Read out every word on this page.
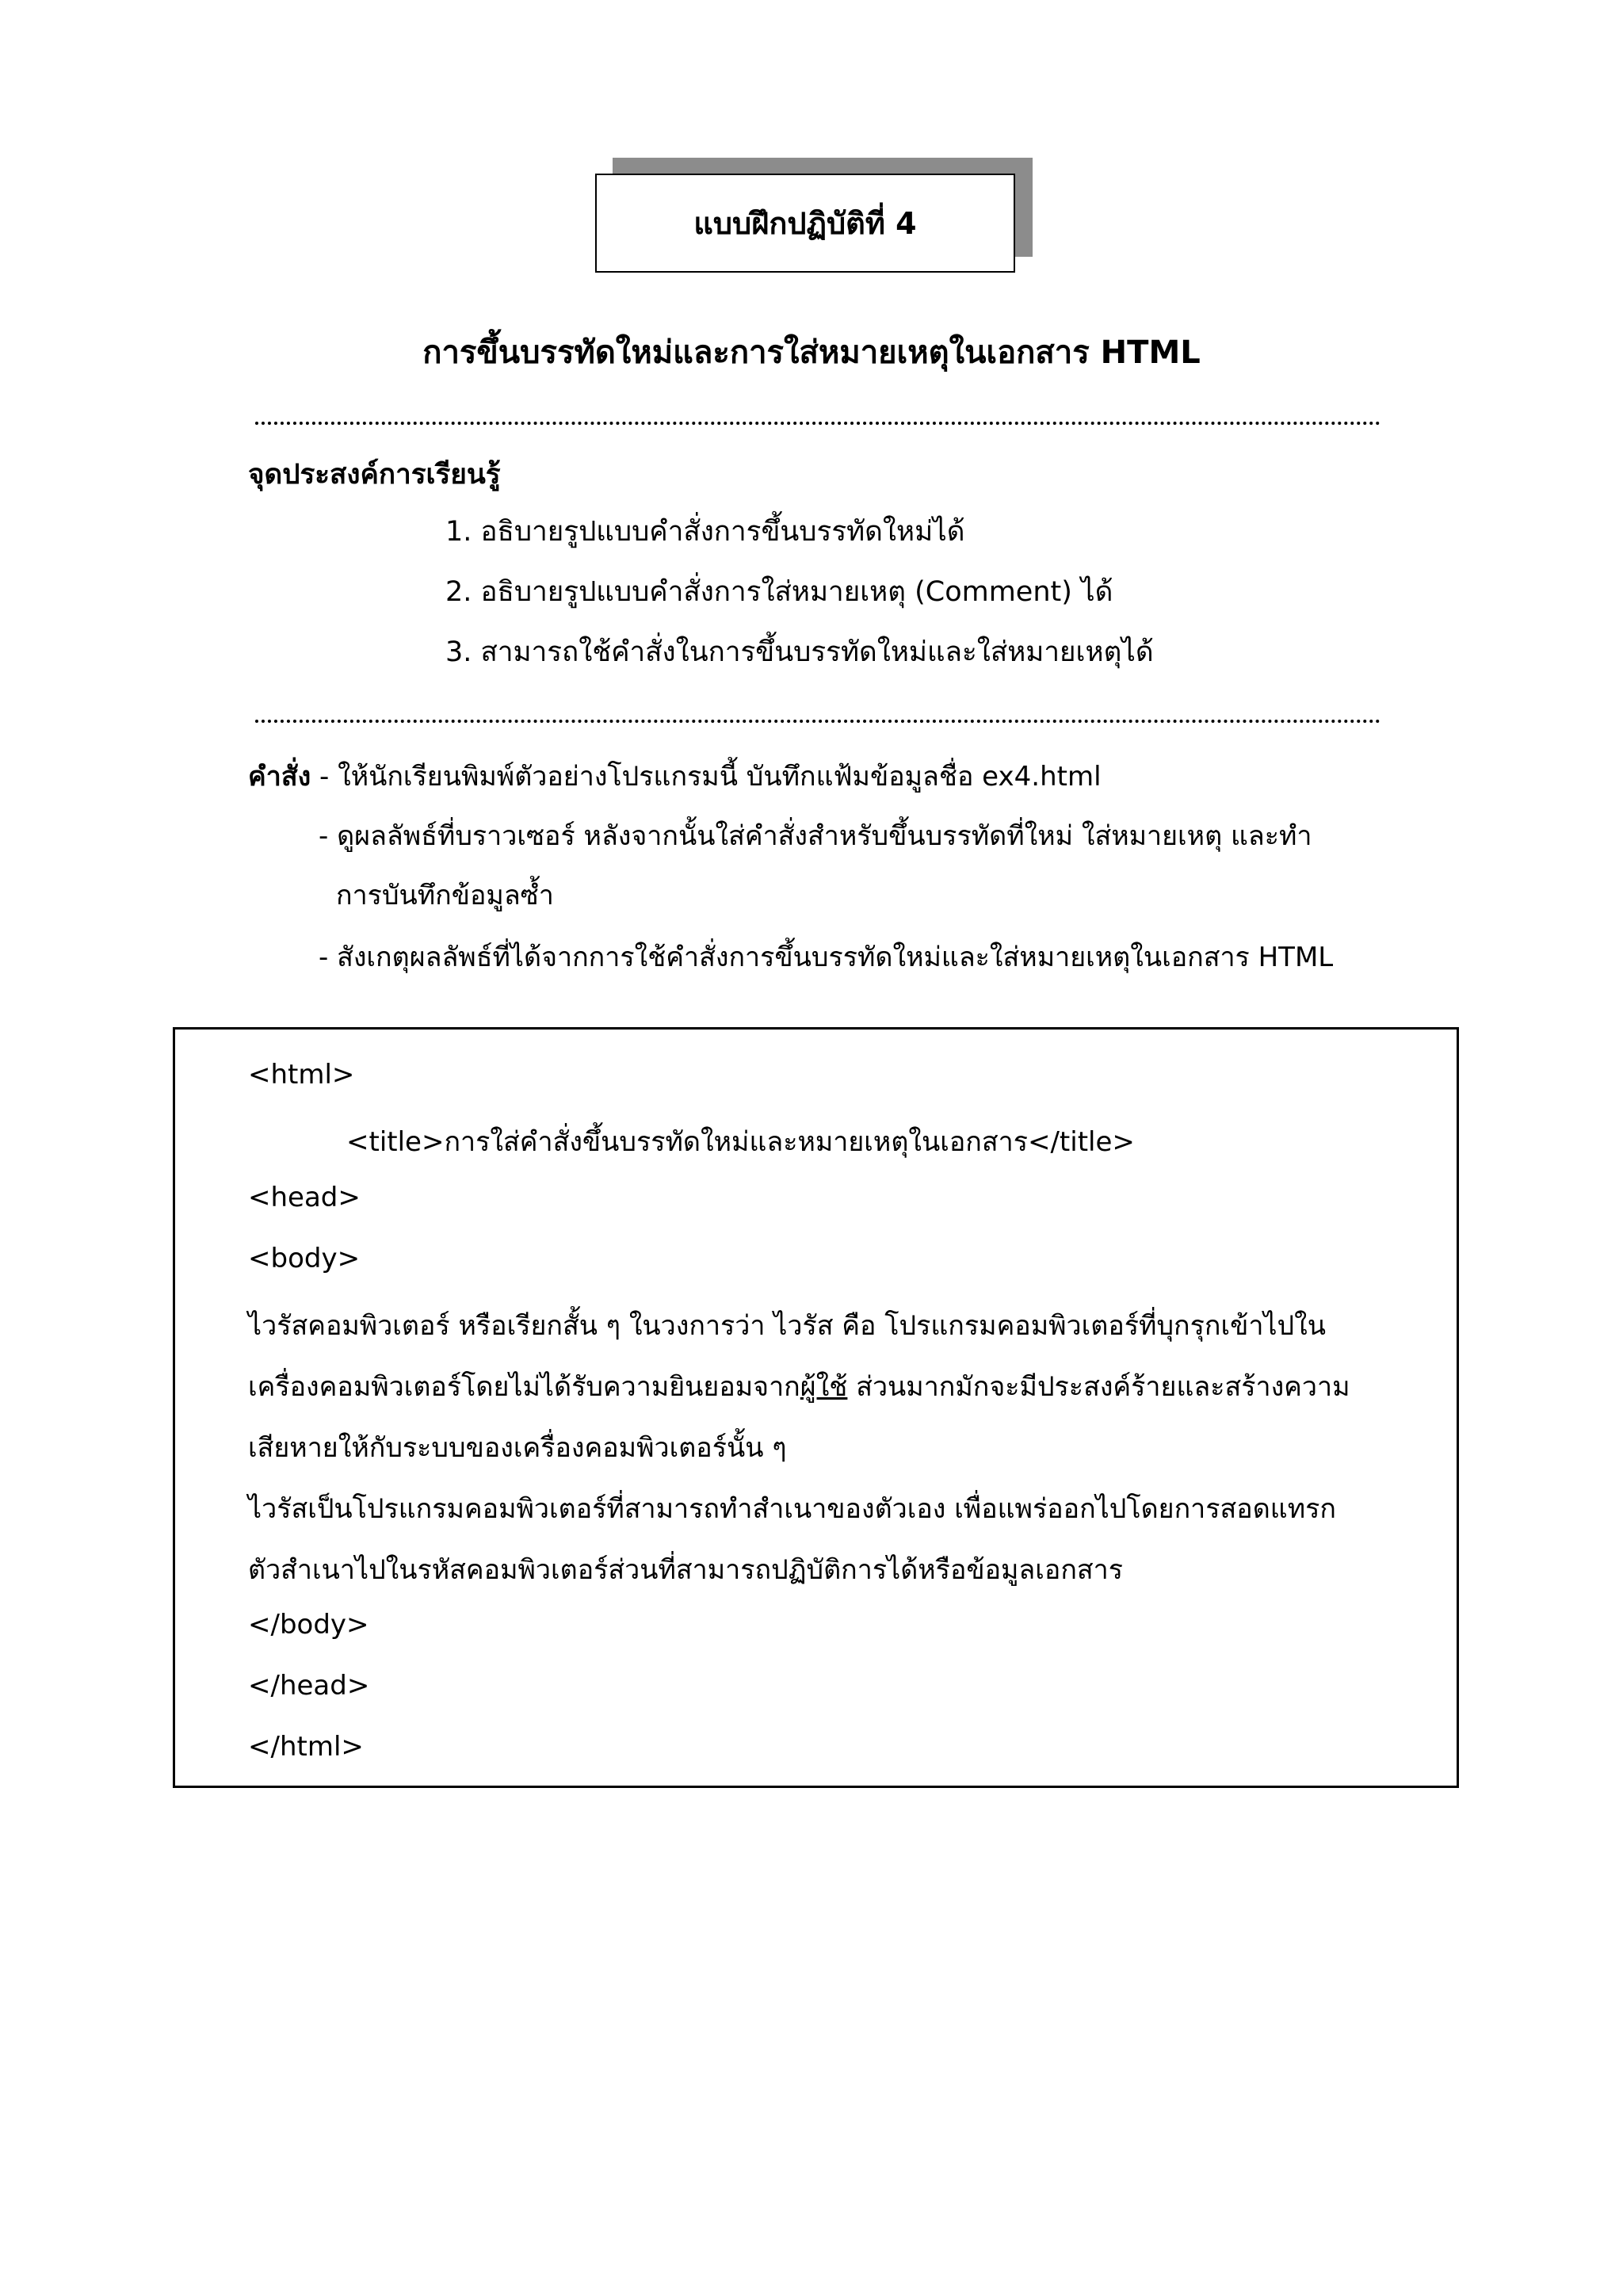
แบบฝึกปฏิบัติที่ 4
การขึ้นบรรทัดใหม่และการใส่หมายเหตุในเอกสาร HTML
จุดประสงค์การเรียนรู้
1. อธิบายรูปแบบคำสั่งการขึ้นบรรทัดใหม่ได้
2. อธิบายรูปแบบคำสั่งการใส่หมายเหตุ (Comment) ได้
3. สามารถใช้คำสั่งในการขึ้นบรรทัดใหม่และใส่หมายเหตุได้
คำสั่ง - ให้นักเรียนพิมพ์ตัวอย่างโปรแกรมนี้ บันทึกแฟ้มข้อมูลชื่อ ex4.html
- ดูผลลัพธ์ที่บราวเซอร์ หลังจากนั้นใส่คำสั่งสำหรับขึ้นบรรทัดที่ใหม่ ใส่หมายเหตุ และทำ
การบันทึกข้อมูลซ้ำ
- สังเกตุผลลัพธ์ที่ได้จากการใช้คำสั่งการขึ้นบรรทัดใหม่และใส่หมายเหตุในเอกสาร HTML
<html>
<title>การใส่คำสั่งขึ้นบรรทัดใหม่และหมายเหตุในเอกสาร</title>
<head>
<body>
ไวรัสคอมพิวเตอร์ หรือเรียกสั้น ๆ ในวงการว่า ไวรัส คือ โปรแกรมคอมพิวเตอร์ที่บุกรุกเข้าไปใน
เครื่องคอมพิวเตอร์โดยไม่ได้รับความยินยอมจากผู้ใช้ ส่วนมากมักจะมีประสงค์ร้ายและสร้างความ
เสียหายให้กับระบบของเครื่องคอมพิวเตอร์นั้น ๆ
ไวรัสเป็นโปรแกรมคอมพิวเตอร์ที่สามารถทำสำเนาของตัวเอง เพื่อแพร่ออกไปโดยการสอดแทรก
ตัวสำเนาไปในรหัสคอมพิวเตอร์ส่วนที่สามารถปฏิบัติการได้หรือข้อมูลเอกสาร
</body>
</head>
</html>
